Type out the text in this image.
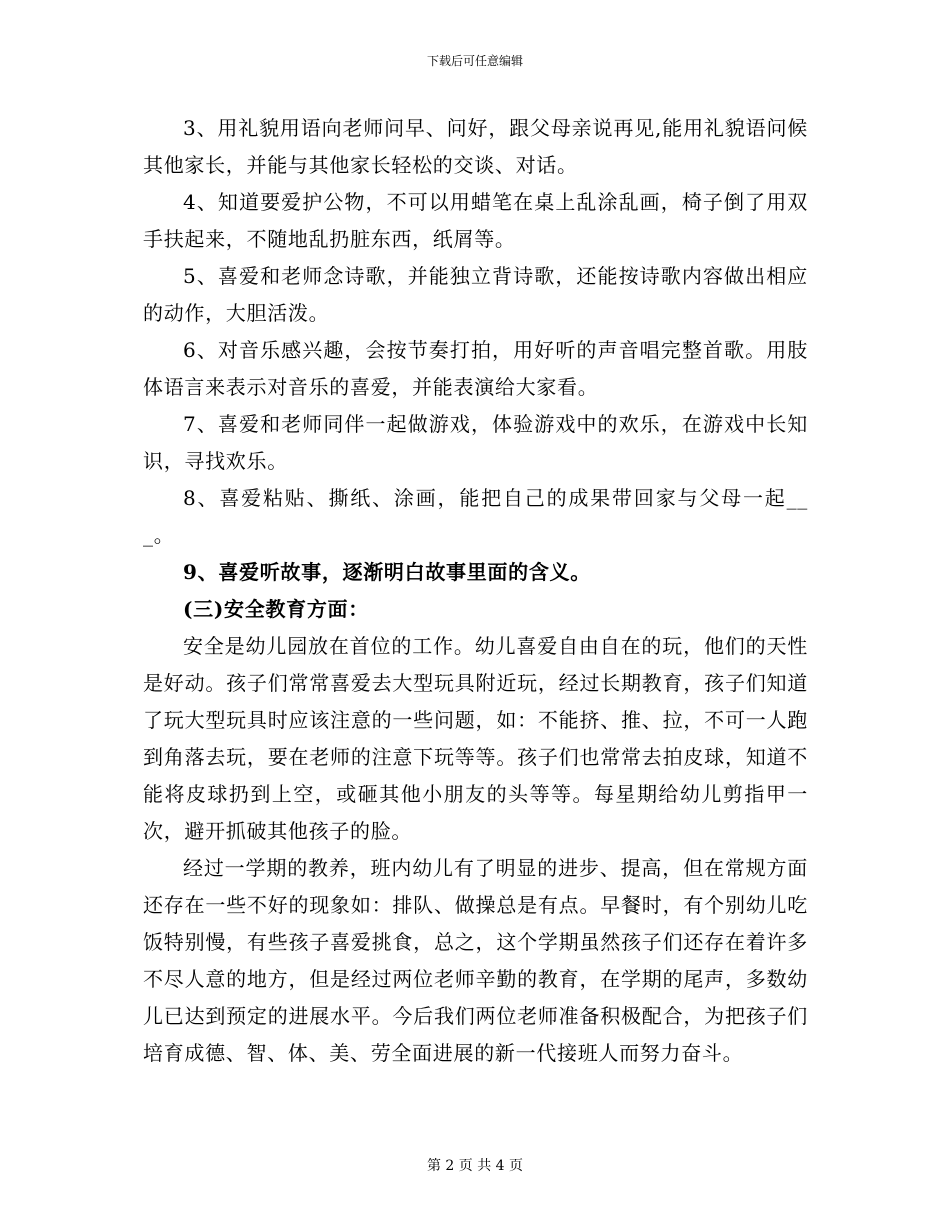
下载后可任意编辑

3、用礼貌用语向老师问早、问好，跟父母亲说再见,能用礼貌语问候其他家长，并能与其他家长轻松的交谈、对话。

4、知道要爱护公物，不可以用蜡笔在桌上乱涂乱画，椅子倒了用双手扶起来，不随地乱扔脏东西，纸屑等。

5、喜爱和老师念诗歌，并能独立背诗歌，还能按诗歌内容做出相应的动作，大胆活泼。

6、对音乐感兴趣，会按节奏打拍，用好听的声音唱完整首歌。用肢体语言来表示对音乐的喜爱，并能表演给大家看。

7、喜爱和老师同伴一起做游戏，体验游戏中的欢乐，在游戏中长知识，寻找欢乐。

8、喜爱粘贴、撕纸、涂画，能把自己的成果带回家与父母一起___。

9、喜爱听故事，逐渐明白故事里面的含义。

(三)安全教育方面：

安全是幼儿园放在首位的工作。幼儿喜爱自由自在的玩，他们的天性是好动。孩子们常常喜爱去大型玩具附近玩，经过长期教育，孩子们知道了玩大型玩具时应该注意的一些问题，如：不能挤、推、拉，不可一人跑到角落去玩，要在老师的注意下玩等等。孩子们也常常去拍皮球，知道不能将皮球扔到上空，或砸其他小朋友的头等等。每星期给幼儿剪指甲一次，避开抓破其他孩子的脸。

经过一学期的教养，班内幼儿有了明显的进步、提高，但在常规方面还存在一些不好的现象如：排队、做操总是有点。早餐时，有个别幼儿吃饭特别慢，有些孩子喜爱挑食，总之，这个学期虽然孩子们还存在着许多不尽人意的地方，但是经过两位老师辛勤的教育，在学期的尾声，多数幼儿已达到预定的进展水平。今后我们两位老师准备积极配合，为把孩子们培育成德、智、体、美、劳全面进展的新一代接班人而努力奋斗。

第 2 页 共 4 页
